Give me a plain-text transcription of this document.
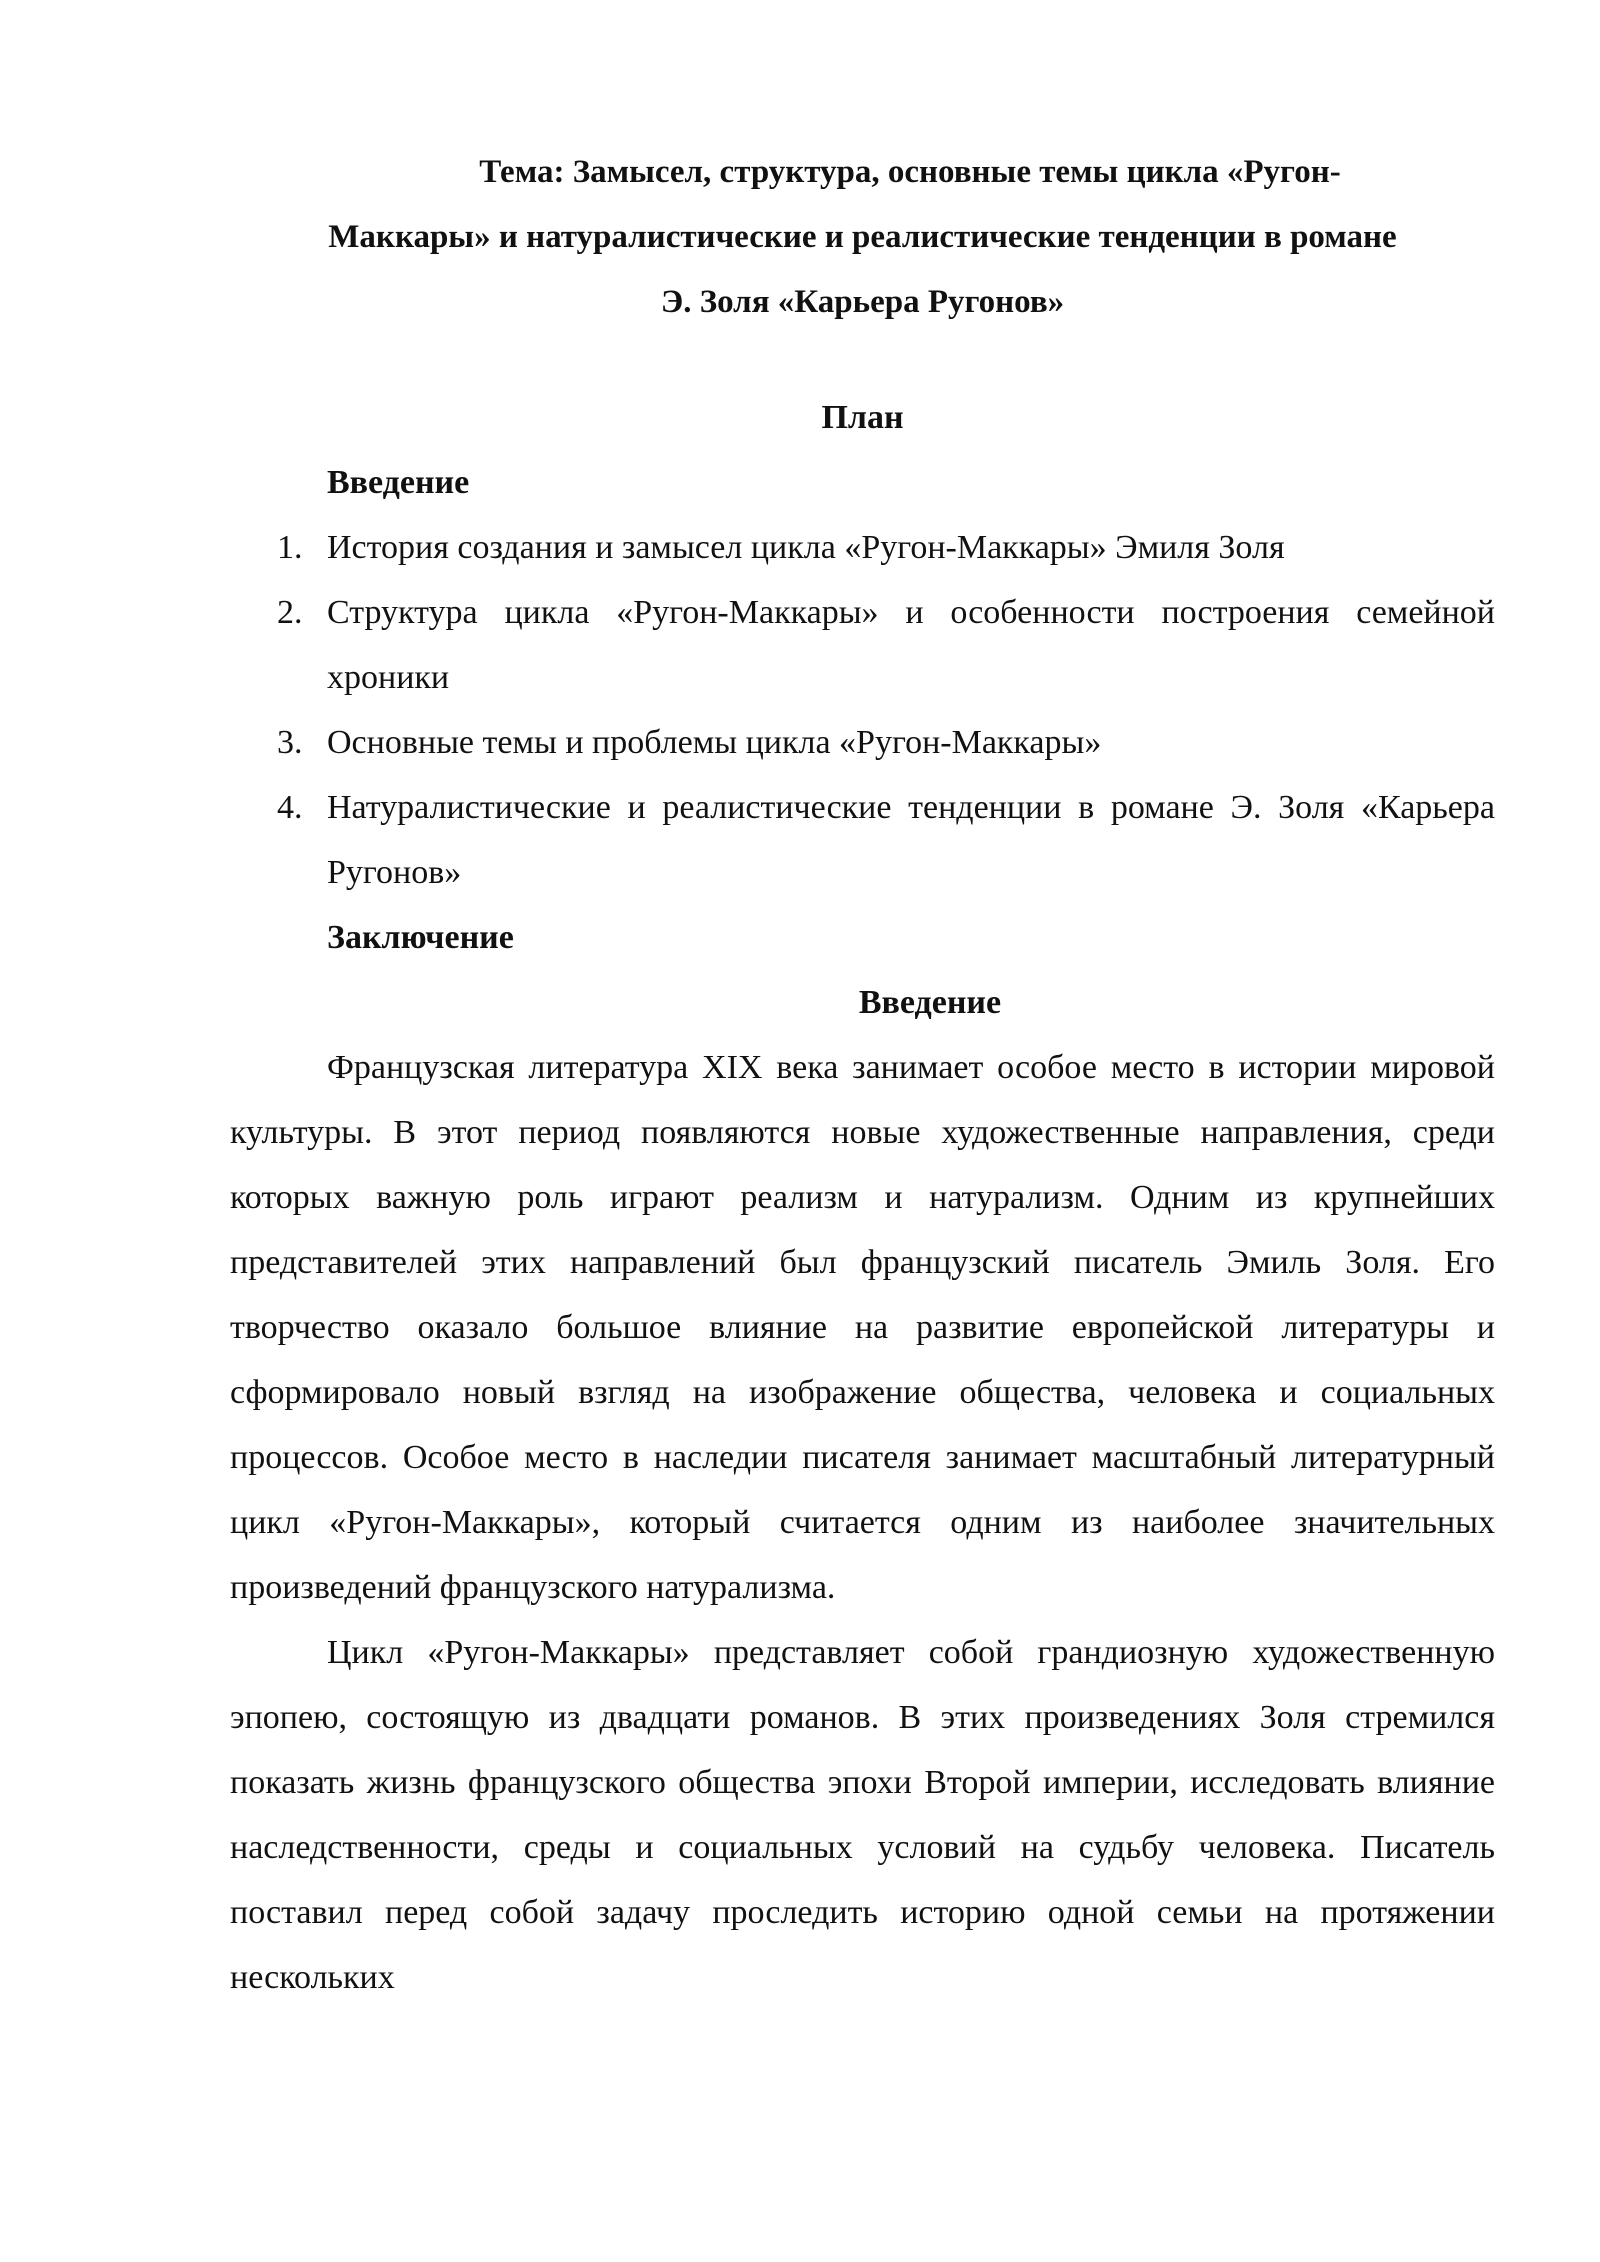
Тема: Замысел, структура, основные темы цикла «Ругон-
Маккары» и натуралистические и реалистические тенденции в романе
Э. Золя «Карьера Ругонов»
План
Введение
1. История создания и замысел цикла «Ругон-Маккары» Эмиля Золя
2. Структура цикла «Ругон-Маккары» и особенности построения семейной хроники
3. Основные темы и проблемы цикла «Ругон-Маккары»
4. Натуралистические и реалистические тенденции в романе Э. Золя «Карьера Ругонов»
Заключение
Введение

Французская литература XIX века занимает особое место в истории мировой культуры. В этот период появляются новые художественные направления, среди которых важную роль играют реализм и натурализм. Одним из крупнейших представителей этих направлений был французский писатель Эмиль Золя. Его творчество оказало большое влияние на развитие европейской литературы и сформировало новый взгляд на изображение общества, человека и социальных процессов. Особое место в наследии писателя занимает масштабный литературный цикл «Ругон-Маккары», который считается одним из наиболее значительных произведений французского натурализма.

Цикл «Ругон-Маккары» представляет собой грандиозную художественную эпопею, состоящую из двадцати романов. В этих произведениях Золя стремился показать жизнь французского общества эпохи Второй империи, исследовать влияние наследственности, среды и социальных условий на судьбу человека. Писатель поставил перед собой задачу проследить историю одной семьи на протяжении нескольких
